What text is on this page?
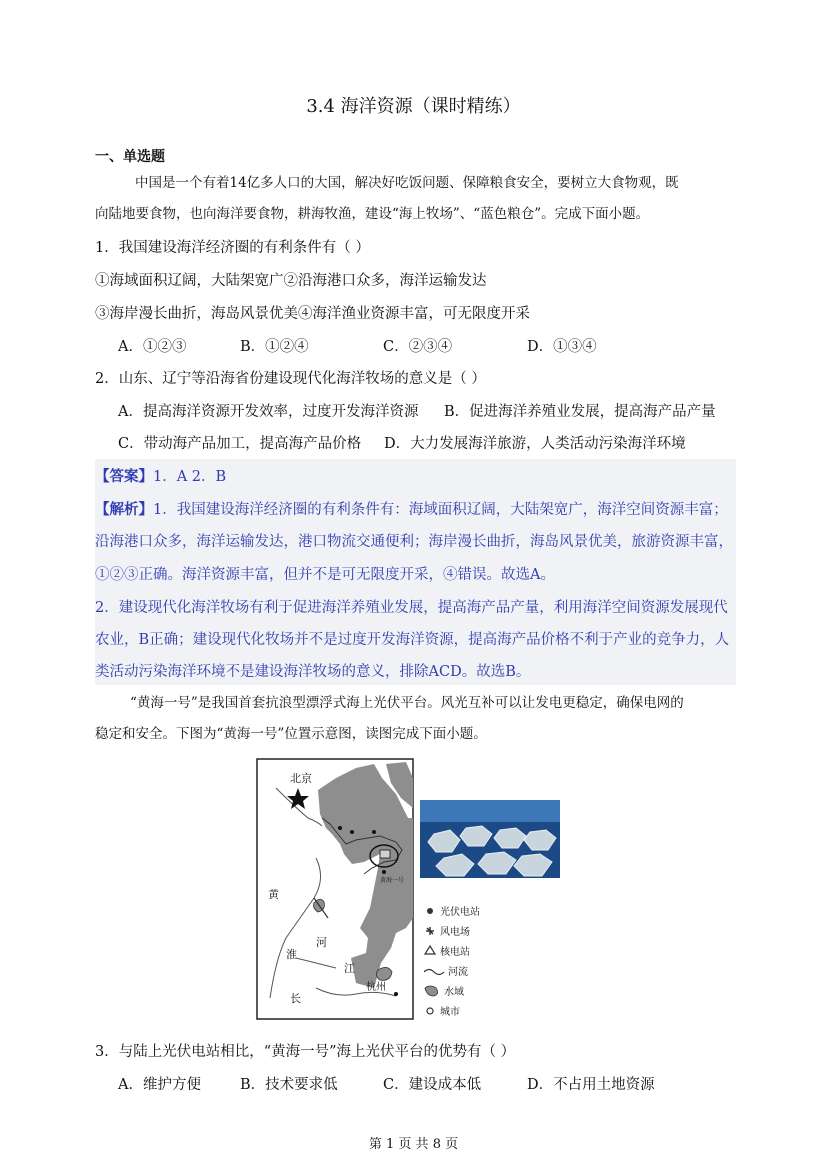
3.4 海洋资源（课时精练）
一、单选题
中国是一个有着14亿多人口的大国，解决好吃饭问题、保障粮食安全，要树立大食物观，既
向陆地要食物，也向海洋要食物，耕海牧渔，建设“海上牧场”、“蓝色粮仓”。完成下面小题。
1．我国建设海洋经济圈的有利条件有（ ）
①海域面积辽阔，大陆架宽广②沿海港口众多，海洋运输发达
③海岸漫长曲折，海岛风景优美④海洋渔业资源丰富，可无限度开采
A．①②③	B．①②④	C．②③④	D．①③④
2．山东、辽宁等沿海省份建设现代化海洋牧场的意义是（ ）
A．提高海洋资源开发效率，过度开发海洋资源 B．促进海洋养殖业发展，提高海产品产量
C．带动海产品加工，提高海产品价格 D．大力发展海洋旅游，人类活动污染海洋环境
【答案】1．A 2．B
【解析】1．我国建设海洋经济圈的有利条件有：海域面积辽阔，大陆架宽广，海洋空间资源丰富；
沿海港口众多，海洋运输发达，港口物流交通便利；海岸漫长曲折，海岛风景优美，旅游资源丰富，
①②③正确。海洋资源丰富，但并不是可无限度开采，④错误。故选A。
2．建设现代化海洋牧场有利于促进海洋养殖业发展，提高海产品产量，利用海洋空间资源发展现代
农业，B正确；建设现代化牧场并不是过度开发海洋资源，提高海产品价格不利于产业的竞争力，人
类活动污染海洋环境不是建设海洋牧场的意义，排除ACD。故选B。
“黄海一号”是我国首套抗浪型漂浮式海上光伏平台。风光互补可以让发电更稳定，确保电网的
稳定和安全。下图为“黄海一号”位置示意图，读图完成下面小题。
北京
黄
淮
河
长
江
杭州
黄海一号
光伏电站
风电场
核电站
河流
水域
城市
3．与陆上光伏电站相比，“黄海一号”海上光伏平台的优势有（ ）
A．维护方便	B．技术要求低	C．建设成本低	D．不占用土地资源
第 1 页 共 8 页
